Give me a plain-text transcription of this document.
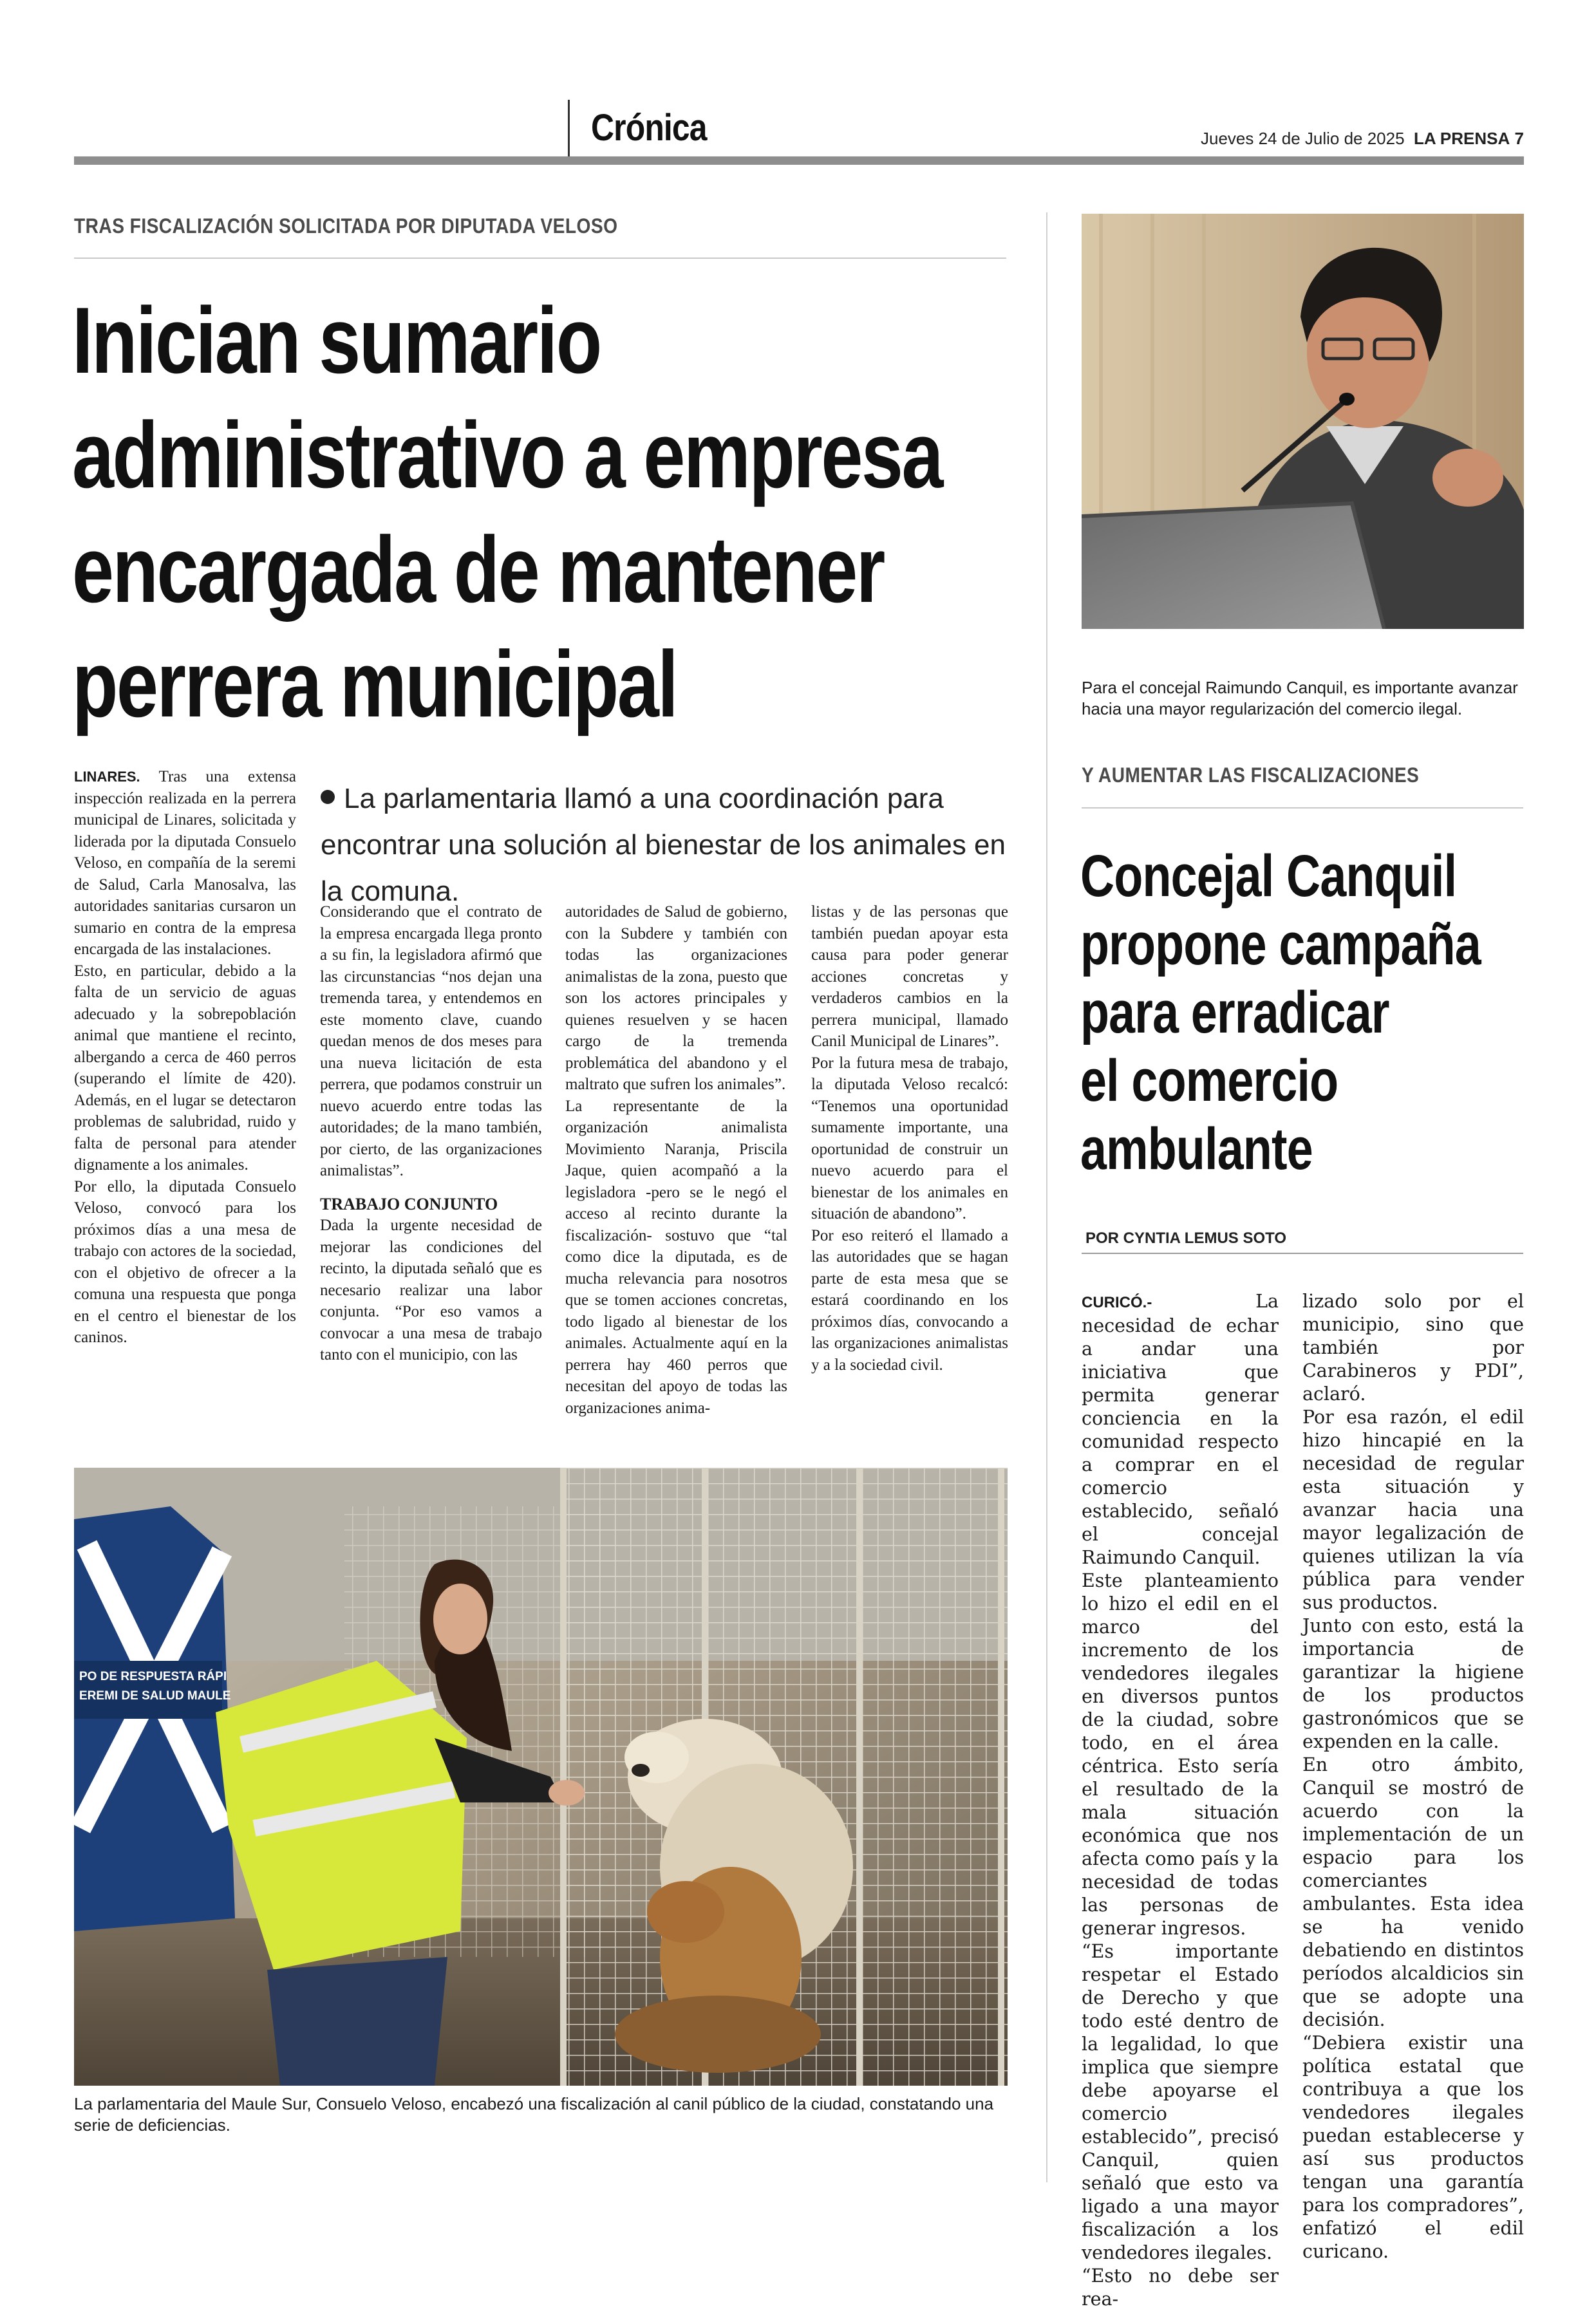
Crónica	Jueves 24 de Julio de 2025 LA PRENSA 7
TRAS FISCALIZACIÓN SOLICITADA POR DIPUTADA VELOSO
Inician sumario
administrativo a empresa
encargada de mantener
perrera municipal
La parlamentaria llamó a una coordinación para encontrar una solución al bienestar de los animales en la comuna.

LINARES. Tras una extensa inspección realizada en la perrera municipal de Linares, solicitada y liderada por la diputada Consuelo Veloso, en compañía de la seremi de Salud, Carla Manosalva, las autoridades sanitarias cursaron un sumario en contra de la empresa encargada de las instalaciones.

Esto, en particular, debido a la falta de un servicio de aguas adecuado y la sobrepoblación animal que mantiene el recinto, albergando a cerca de 460 perros (superando el límite de 420). Además, en el lugar se detectaron problemas de salubridad, ruido y falta de personal para atender dignamente a los animales.

Por ello, la diputada Consuelo Veloso, convocó para los próximos días a una mesa de trabajo con actores de la sociedad, con el objetivo de ofrecer a la comuna una respuesta que ponga en el centro el bienestar de los caninos.

Considerando que el contrato de la empresa encargada llega pronto a su fin, la legisladora afirmó que las circunstancias “nos dejan una tremenda tarea, y entendemos en este momento clave, cuando quedan menos de dos meses para una nueva licitación de esta perrera, que podamos construir un nuevo acuerdo entre todas las autoridades; de la mano también, por cierto, de las organizaciones animalistas”.

TRABAJO CONJUNTO

Dada la urgente necesidad de mejorar las condiciones del recinto, la diputada señaló que es necesario realizar una labor conjunta. “Por eso vamos a convocar a una mesa de trabajo tanto con el municipio, con las

autoridades de Salud de gobierno, con la Subdere y también con todas las organizaciones animalistas de la zona, puesto que son los actores principales y quienes resuelven y se hacen cargo de la tremenda problemática del abandono y el maltrato que sufren los animales”.

La representante de la organización animalista Movimiento Naranja, Priscila Jaque, quien acompañó a la legisladora -pero se le negó el acceso al recinto durante la fiscalización- sostuvo que “tal como dice la diputada, es de mucha relevancia para nosotros que se tomen acciones concretas, todo ligado al bienestar de los animales. Actualmente aquí en la perrera hay 460 perros que necesitan del apoyo de todas las organizaciones anima-

listas y de las personas que también puedan apoyar esta causa para poder generar acciones concretas y verdaderos cambios en la perrera municipal, llamado Canil Municipal de Linares”.

Por la futura mesa de trabajo, la diputada Veloso recalcó: “Tenemos una oportunidad sumamente importante, una oportunidad de construir un nuevo acuerdo para el bienestar de los animales en situación de abandono”.

Por eso reiteró el llamado a las autoridades que se hagan parte de esta mesa que se estará coordinando en los próximos días, convocando a las organizaciones animalistas y a la sociedad civil.

PO DE RESPUESTA RÁPI
EREMI DE SALUD MAULE
La parlamentaria del Maule Sur, Consuelo Veloso, encabezó una fiscalización al canil público de la ciudad, constatando una serie de deficiencias.
Para el concejal Raimundo Canquil, es importante avanzar hacia una mayor regularización del comercio ilegal.
Y AUMENTAR LAS FISCALIZACIONES
Concejal Canquil
propone campaña
para erradicar
el comercio
ambulante
POR CYNTIA LEMUS SOTO

CURICÓ.-	La necesidad de echar a andar una iniciativa que permita generar conciencia en la comunidad respecto a comprar en el comercio establecido, señaló el concejal Raimundo Canquil.

Este planteamiento lo hizo el edil en el marco del incremento de los vendedores ilegales en diversos puntos de la ciudad, sobre todo, en el área céntrica. Esto sería el resultado de la mala situación económica que nos afecta como país y la necesidad de todas las personas de generar ingresos.

“Es importante respetar el Estado de Derecho y que todo esté dentro de la legalidad, lo que implica que siempre debe apoyarse el comercio establecido”, precisó Canquil, quien señaló que esto va ligado a una mayor fiscalización a los vendedores ilegales.

“Esto no debe ser rea-

lizado solo por el municipio, sino que también por Carabineros y PDI”, aclaró.

Por esa razón, el edil hizo hincapié en la necesidad de regular esta situación y avanzar hacia una mayor legalización de quienes utilizan la vía pública para vender sus productos.

Junto con esto, está la importancia de garantizar la higiene de los productos gastronómicos que se expenden en la calle.

En otro ámbito, Canquil se mostró de acuerdo con la implementación de un espacio para los comerciantes ambulantes. Esta idea se ha venido debatiendo en distintos períodos alcaldicios sin que se adopte una decisión.

“Debiera existir una política estatal que contribuya a que los vendedores ilegales puedan establecerse y así sus productos tengan una garantía para los compradores”, enfatizó el edil curicano.
